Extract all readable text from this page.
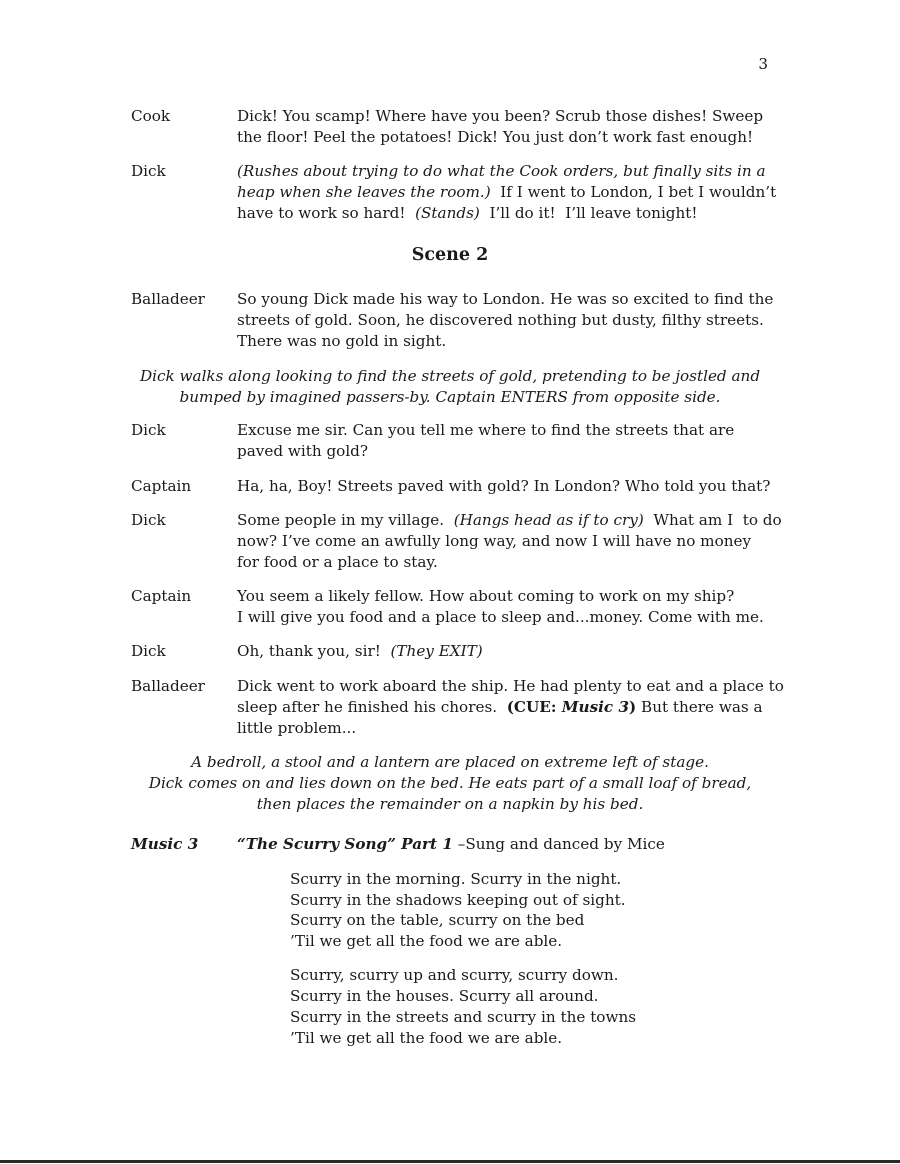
3
Cook	Dick! You scamp! Where have you been? Scrub those dishes! Sweep
the floor! Peel the potatoes! Dick! You just don’t work fast enough!
Dick	(Rushes about trying to do what the Cook orders, but finally sits in a
heap when she leaves the room.)  If I went to London, I bet I wouldn’t
have to work so hard!  (Stands)  I’ll do it!  I’ll leave tonight!
Scene 2
Balladeer So young Dick made his way to London. He was so excited to find the
streets of gold. Soon, he discovered nothing but dusty, filthy streets.
There was no gold in sight.
Dick walks along looking to find the streets of gold, pretending to be jostled and
bumped by imagined passers-by. Captain ENTERS from opposite side.
Dick	Excuse me sir. Can you tell me where to find the streets that are
paved with gold?
Captain	Ha, ha, Boy! Streets paved with gold? In London? Who told you that?
Dick	Some people in my village.  (Hangs head as if to cry)  What am I  to do
now? I’ve come an awfully long way, and now I will have no money
for food or a place to stay.
Captain	You seem a likely fellow. How about coming to work on my ship?
I will give you food and a place to sleep and...money. Come with me.
Dick	Oh, thank you, sir!  (They EXIT)
Balladeer Dick went to work aboard the ship. He had plenty to eat and a place to
sleep after he finished his chores.  (CUE: Music 3) But there was a
little problem...
A bedroll, a stool and a lantern are placed on extreme left of stage.
Dick comes on and lies down on the bed. He eats part of a small loaf of bread,
then places the remainder on a napkin by his bed.
Music 3	“The Scurry Song” Part 1 –Sung and danced by Mice
Scurry in the morning. Scurry in the night.
Scurry in the shadows keeping out of sight.
Scurry on the table, scurry on the bed
’Til we get all the food we are able.
Scurry, scurry up and scurry, scurry down.
Scurry in the houses. Scurry all around.
Scurry in the streets and scurry in the towns
’Til we get all the food we are able.
